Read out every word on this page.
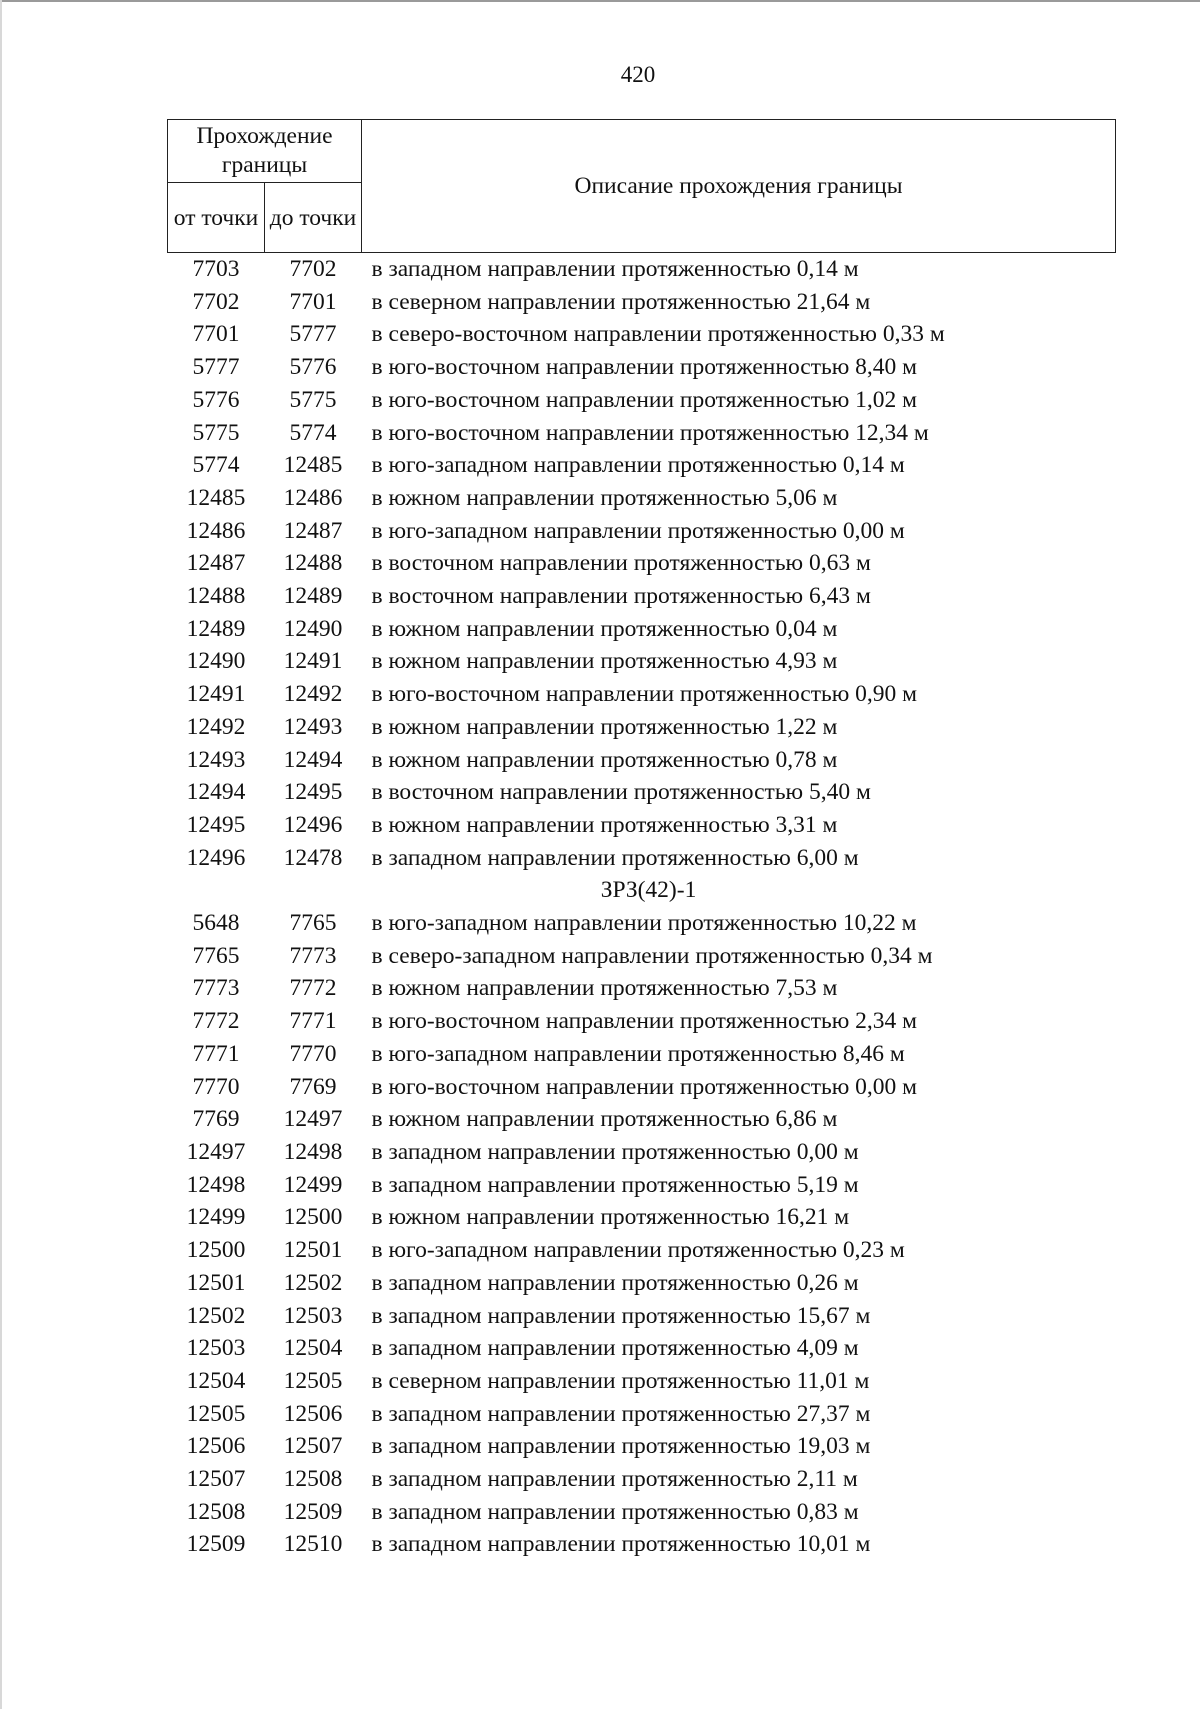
420
Прохождение границы		Описание прохождения границы
от точки	до точки	
7703	7702	в западном направлении протяженностью 0,14 м
7702	7701	в северном направлении протяженностью 21,64 м
7701	5777	в северо-восточном направлении протяженностью 0,33 м
5777	5776	в юго-восточном направлении протяженностью 8,40 м
5776	5775	в юго-восточном направлении протяженностью 1,02 м
5775	5774	в юго-восточном направлении протяженностью 12,34 м
5774	12485	в юго-западном направлении протяженностью 0,14 м
12485	12486	в южном направлении протяженностью 5,06 м
12486	12487	в юго-западном направлении протяженностью 0,00 м
12487	12488	в восточном направлении протяженностью 0,63 м
12488	12489	в восточном направлении протяженностью 6,43 м
12489	12490	в южном направлении протяженностью 0,04 м
12490	12491	в южном направлении протяженностью 4,93 м
12491	12492	в юго-восточном направлении протяженностью 0,90 м
12492	12493	в южном направлении протяженностью 1,22 м
12493	12494	в южном направлении протяженностью 0,78 м
12494	12495	в восточном направлении протяженностью 5,40 м
12495	12496	в южном направлении протяженностью 3,31 м
12496	12478	в западном направлении протяженностью 6,00 м
ЗРЗ(42)-1		
5648	7765	в юго-западном направлении протяженностью 10,22 м
7765	7773	в северо-западном направлении протяженностью 0,34 м
7773	7772	в южном направлении протяженностью 7,53 м
7772	7771	в юго-восточном направлении протяженностью 2,34 м
7771	7770	в юго-западном направлении протяженностью 8,46 м
7770	7769	в юго-восточном направлении протяженностью 0,00 м
7769	12497	в южном направлении протяженностью 6,86 м
12497	12498	в западном направлении протяженностью 0,00 м
12498	12499	в западном направлении протяженностью 5,19 м
12499	12500	в южном направлении протяженностью 16,21 м
12500	12501	в юго-западном направлении протяженностью 0,23 м
12501	12502	в западном направлении протяженностью 0,26 м
12502	12503	в западном направлении протяженностью 15,67 м
12503	12504	в западном направлении протяженностью 4,09 м
12504	12505	в северном направлении протяженностью 11,01 м
12505	12506	в западном направлении протяженностью 27,37 м
12506	12507	в западном направлении протяженностью 19,03 м
12507	12508	в западном направлении протяженностью 2,11 м
12508	12509	в западном направлении протяженностью 0,83 м
12509	12510	в западном направлении протяженностью 10,01 м
